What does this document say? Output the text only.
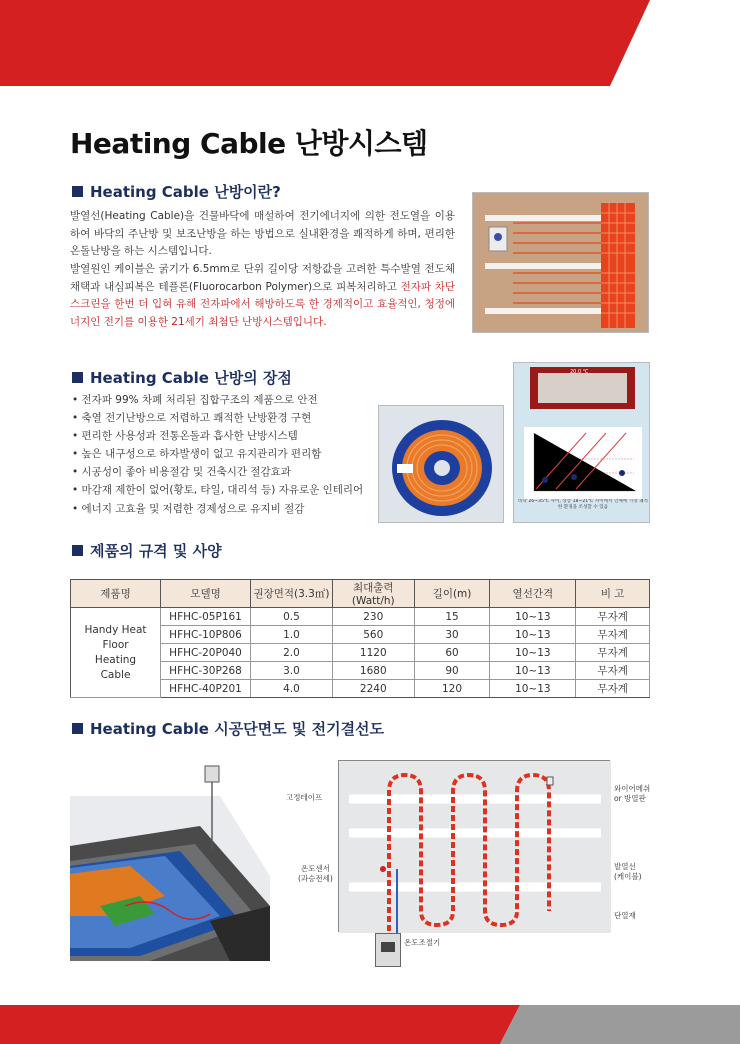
Heating Cable 난방시스템
Heating Cable 난방이란?
발열선(Heating Cable)을 건물바닥에 매설하여 전기에너지에 의한 전도열을 이용하여 바닥의 주난방 및 보조난방을 하는 방법으로 실내환경을 쾌적하게 하며, 편리한 온돌난방을 하는 시스템입니다.
발열원인 케이블은 굵기가 6.5mm로 단위 길이당 저항값을 고려한 특수발열 전도체 채택과 내심피복은 테플론(Fluorocarbon Polymer)으로 피복처리하고 전자파 차단 스크린을 한번 더 입혀 유해 전자파에서 해방하도록 한 경제적이고 효율적인, 청정에너지인 전기를 이용한 21세기 최첨단 난방시스템입니다.
Heating Cable 난방의 장점
• 전자파 99% 차폐 처리된 집합구조의 제품으로 안전
• 축열 전기난방으로 저렴하고 쾌적한 난방환경 구현
• 편리한 사용성과 전통온돌과 흡사한 난방시스템
• 높은 내구성으로 하자발생이 없고 유지관리가 편리함
• 시공성이 좋아 비용절감 및 건축시간 절감효과
• 마감재 제한이 없어(황토, 타일, 대리석 등) 자유로운 인테리어
• 에너지 고효율 및 저렴한 경제성으로 유지비 절감
20.0 ℃
바닥 26~35℃ 사이, 상층 18~21℃ 사이에서 인체에 가장 쾌적한 환경을 조성할 수 있음
제품의 규격 및 사양
제품명	모델명	권장면적(3.3㎡)	최대출력(Watt/h)	길이(m)	열선간격	비 고
Handy Heat Floor Heating Cable	HFHC-05P161	0.5	230	15	10~13	무자계
	HFHC-10P806	1.0	560	30	10~13	무자계
	HFHC-20P040	2.0	1120	60	10~13	무자계
	HFHC-30P268	3.0	1680	90	10~13	무자계
	HFHC-40P201	4.0	2240	120	10~13	무자계
Heating Cable 시공단면도 및 전기결선도
고정테이프
온도센서
(과승전세)
와이어메쉬
or 방열판
발열선
(케이블)
단열재
온도조절기
